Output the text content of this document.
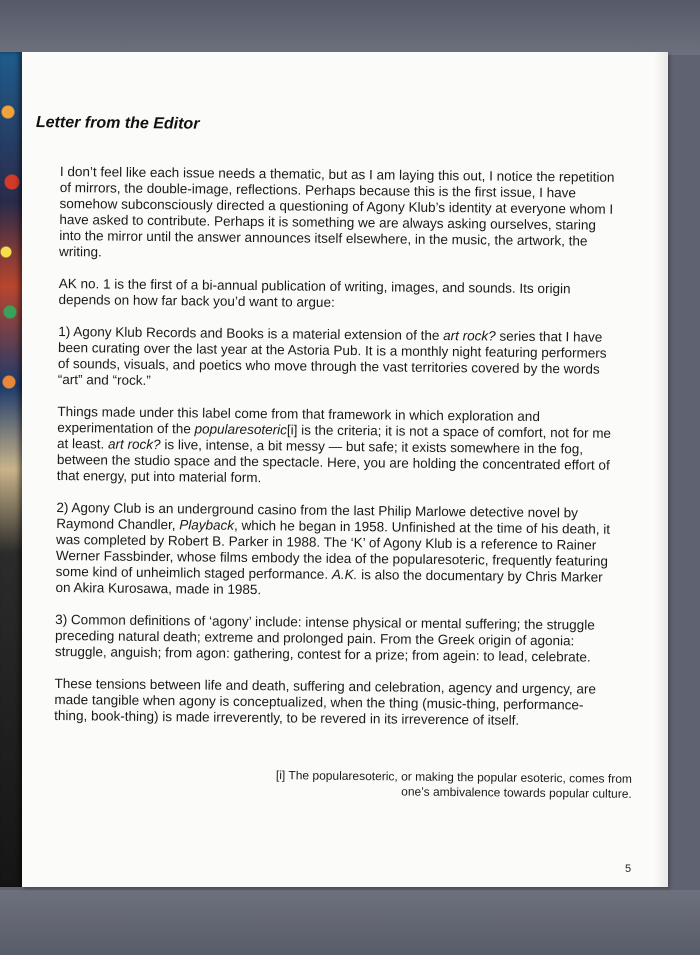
Letter from the Editor

I don’t feel like each issue needs a thematic, but as I am laying this out, I notice the repetition of mirrors, the double-image, reflections. Perhaps because this is the first issue, I have somehow subconsciously directed a questioning of Agony Klub’s identity at everyone whom I have asked to contribute. Perhaps it is something we are always asking ourselves, staring into the mirror until the answer announces itself elsewhere, in the music, the artwork, the writing.

AK no. 1 is the first of a bi-annual publication of writing, images, and sounds. Its origin depends on how far back you’d want to argue:

1) Agony Klub Records and Books is a material extension of the art rock? series that I have been curating over the last year at the Astoria Pub. It is a monthly night featuring performers of sounds, visuals, and poetics who move through the vast territories covered by the words “art” and “rock.”

Things made under this label come from that framework in which exploration and experimentation of the popularesoteric[i] is the criteria; it is not a space of comfort, not for me at least. art rock? is live, intense, a bit messy — but safe; it exists somewhere in the fog, between the studio space and the spectacle. Here, you are holding the concentrated effort of that energy, put into material form.

2) Agony Club is an underground casino from the last Philip Marlowe detective novel by Raymond Chandler, Playback, which he began in 1958. Unfinished at the time of his death, it was completed by Robert B. Parker in 1988. The ‘K’ of Agony Klub is a reference to Rainer Werner Fassbinder, whose films embody the idea of the popularesoteric, frequently featuring some kind of unheimlich staged performance. A.K. is also the documentary by Chris Marker on Akira Kurosawa, made in 1985.

3) Common definitions of ‘agony’ include: intense physical or mental suffering; the struggle preceding natural death; extreme and prolonged pain. From the Greek origin of agonia: struggle, anguish; from agon: gathering, contest for a prize; from agein: to lead, celebrate.

These tensions between life and death, suffering and celebration, agency and urgency, are made tangible when agony is conceptualized, when the thing (music-thing, performance-thing, book-thing) is made irreverently, to be revered in its irreverence of itself.

[i] The popularesoteric, or making the popular esoteric, comes from one’s ambivalence towards popular culture.
5
